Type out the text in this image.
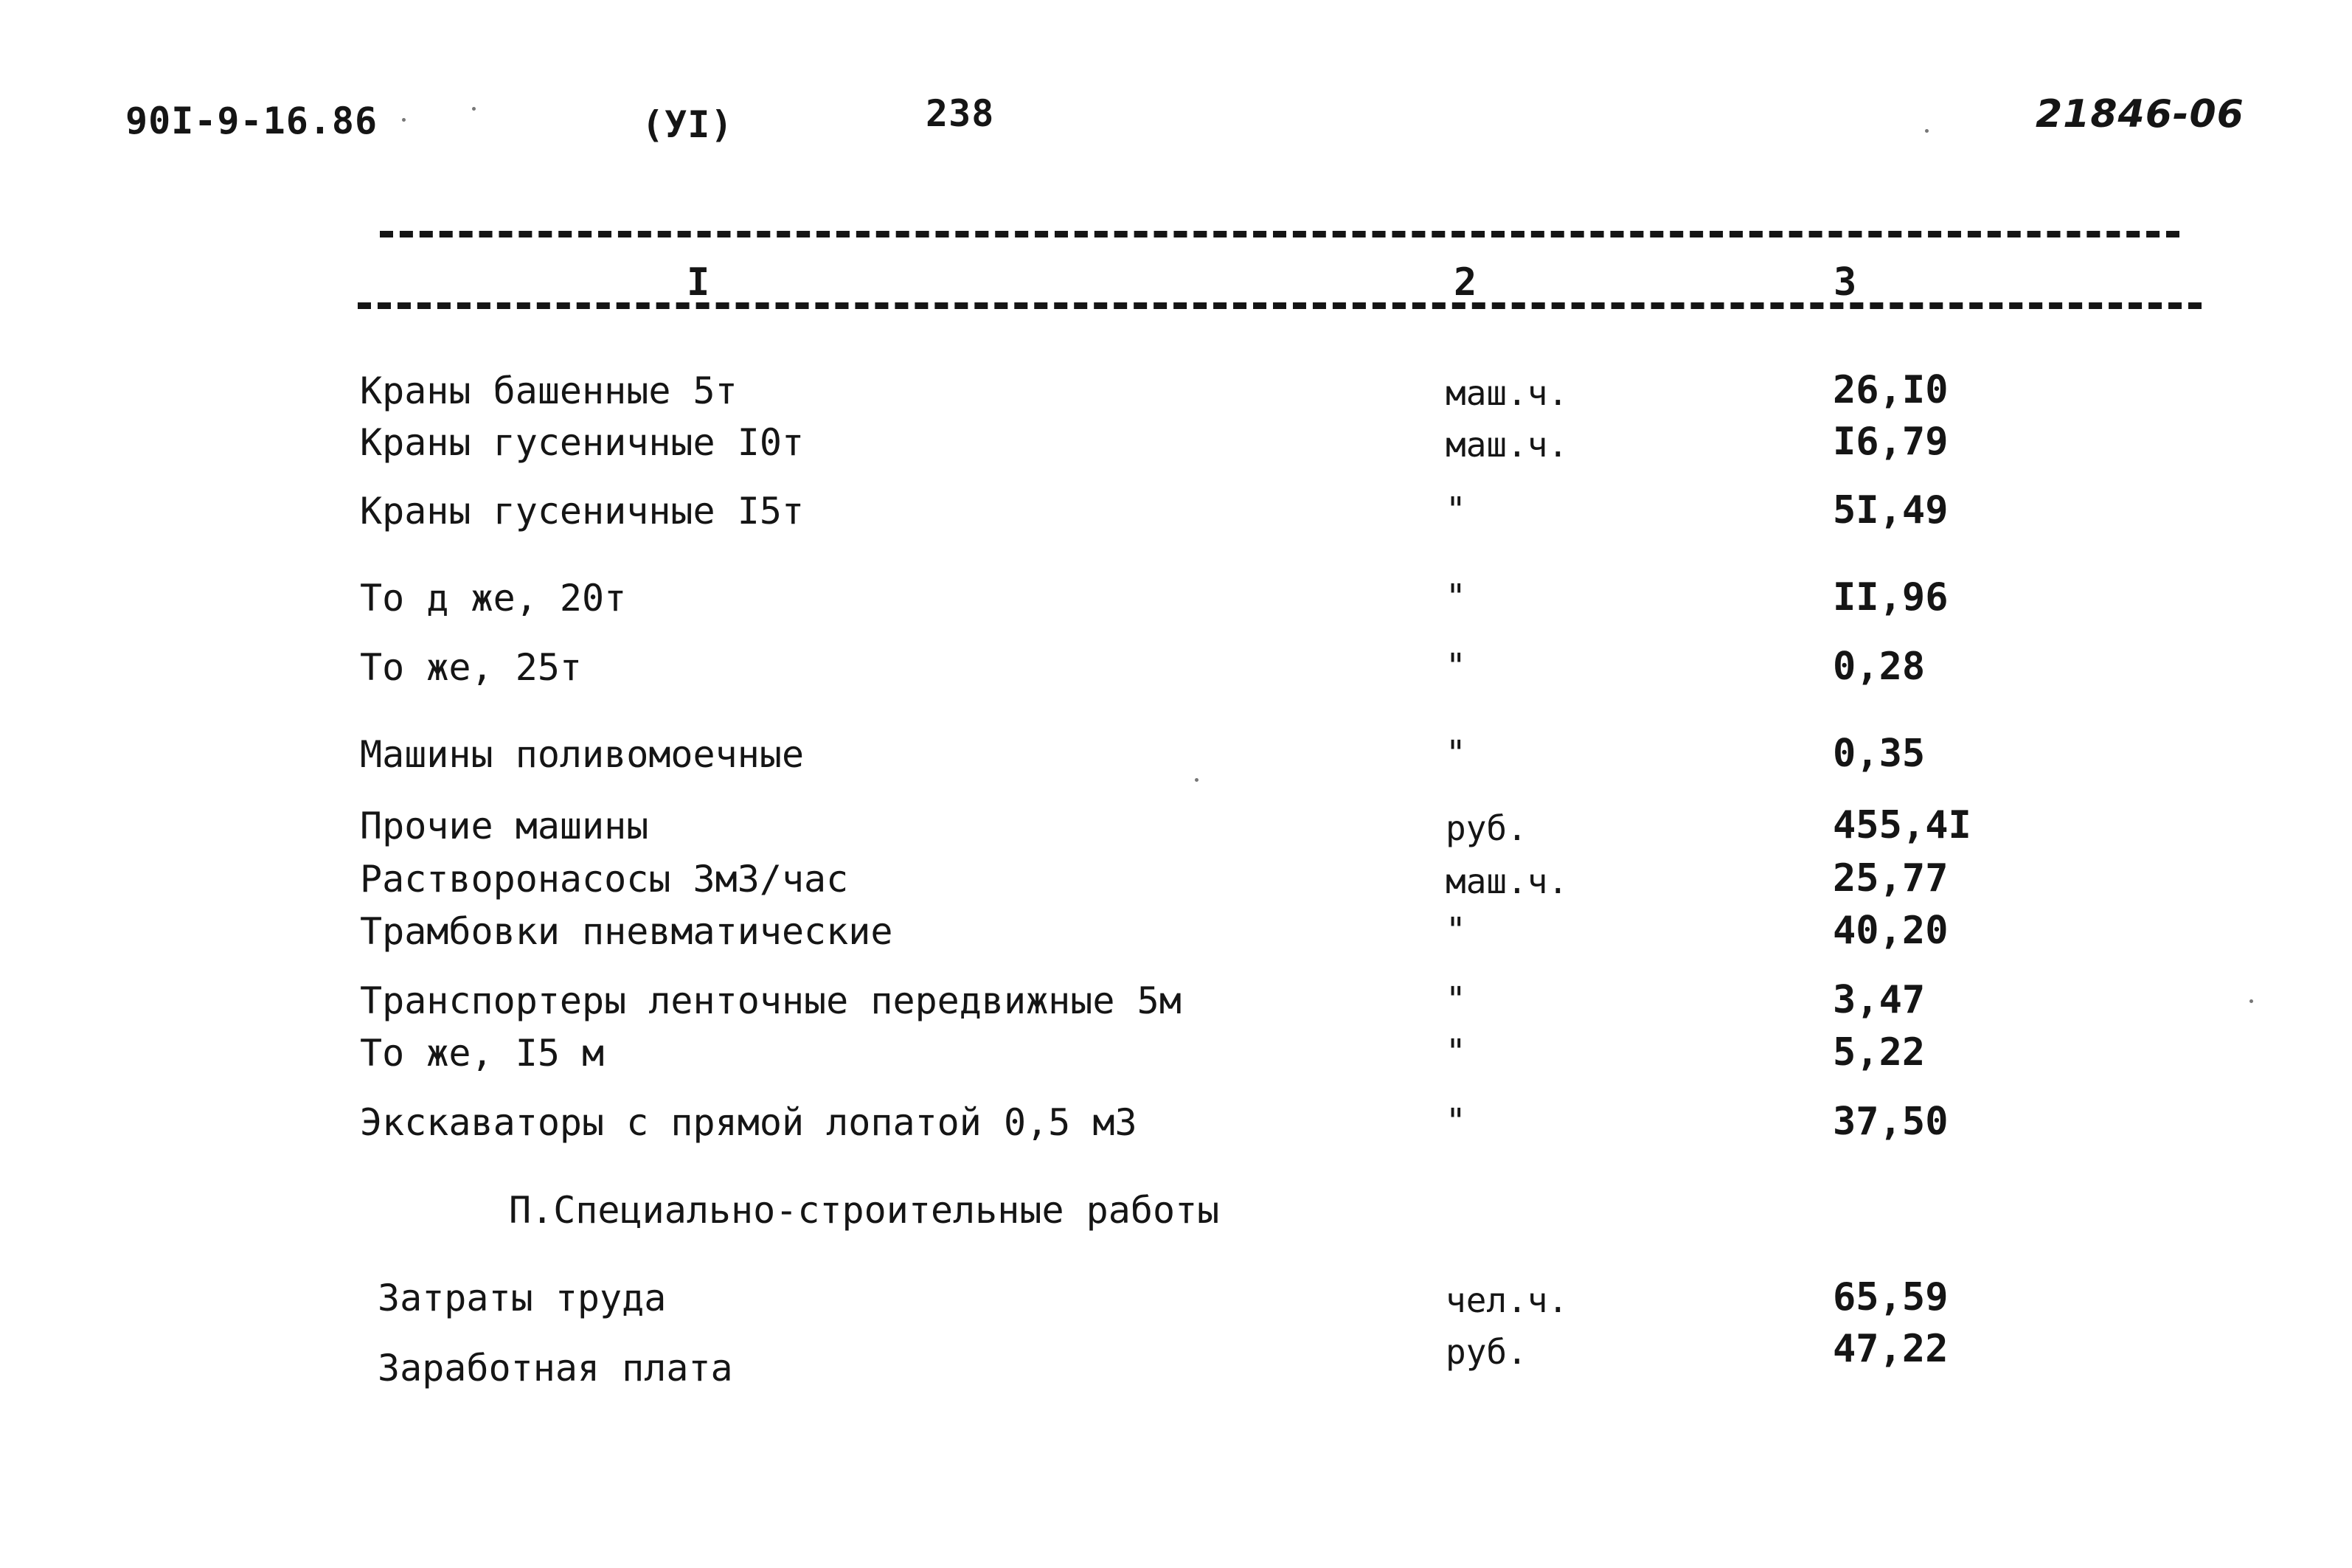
90I-9-16.86	(УI)	238	21846-06
I	2	3
Краны башенные 5т	маш.ч.	26,I0
Краны гусеничные I0т	маш.ч.	I6,79
Краны гусеничные I5т	"	5I,49
То д же, 20т	"	II,96
То же, 25т	"	0,28
Машины поливомоечные	"	0,35
Прочие машины	руб.	455,4I
Растворонасосы 3м3/час	маш.ч.	25,77
Трамбовки пневматические	"	40,20
Транспортеры ленточные передвижные 5м	"	3,47
То же, I5 м	"	5,22
Экскаваторы с прямой лопатой 0,5 м3	"	37,50
П.Специально-строительные работы
Затраты труда	чел.ч.	65,59
Заработная плата	руб.	47,22
